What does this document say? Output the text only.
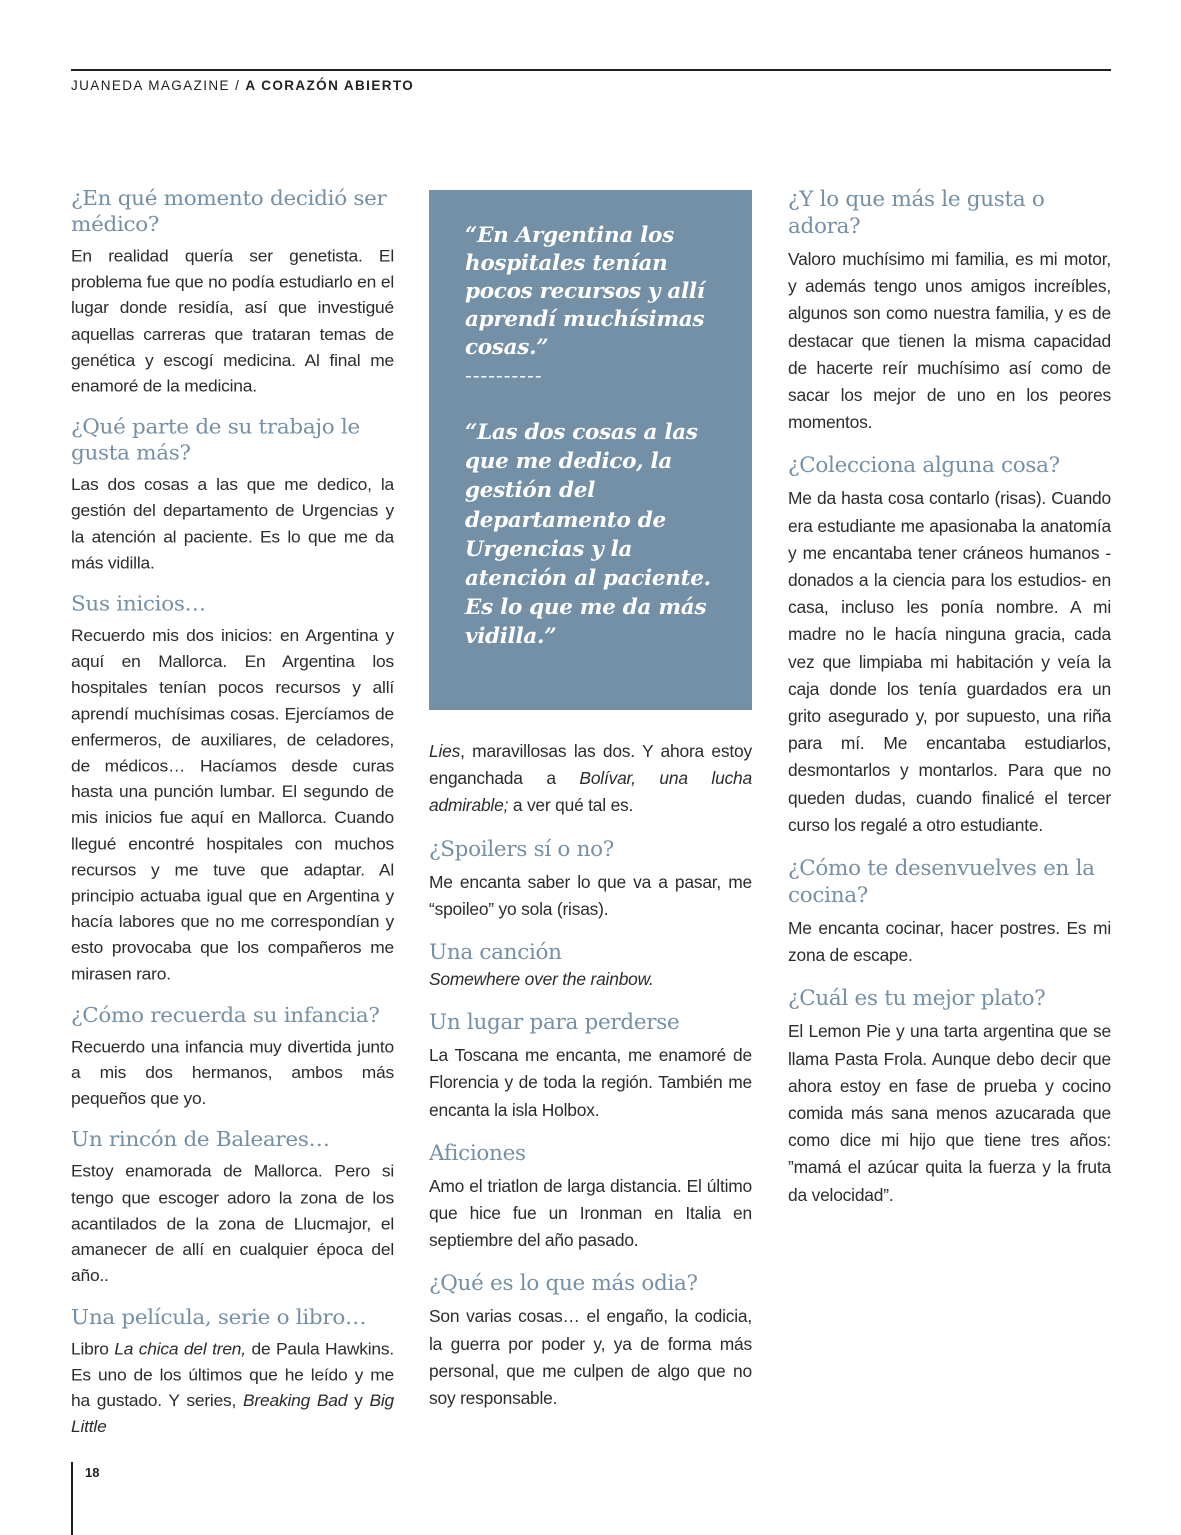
JUANEDA MAGAZINE / A CORAZÓN ABIERTO
¿En qué momento decidió ser médico?

En realidad quería ser genetista. El problema fue que no podía estudiarlo en el lugar donde residía, así que investigué aquellas carreras que trataran temas de genética y escogí medicina. Al final me enamoré de la medicina.

¿Qué parte de su trabajo le gusta más?

Las dos cosas a las que me dedico, la gestión del departamento de Urgencias y la atención al paciente. Es lo que me da más vidilla.

Sus inicios…

Recuerdo mis dos inicios: en Argentina y aquí en Mallorca. En Argentina los hospitales tenían pocos recursos y allí aprendí muchísimas cosas. Ejercíamos de enfermeros, de auxiliares, de celadores, de médicos… Hacíamos desde curas hasta una punción lumbar. El segundo de mis inicios fue aquí en Mallorca. Cuando llegué encontré hospitales con muchos recursos y me tuve que adaptar. Al principio actuaba igual que en Argentina y hacía labores que no me correspondían y esto provocaba que los compañeros me mirasen raro.

¿Cómo recuerda su infancia?

Recuerdo una infancia muy divertida junto a mis dos hermanos, ambos más pequeños que yo.

Un rincón de Baleares…

Estoy enamorada de Mallorca. Pero si tengo que escoger adoro la zona de los acantilados de la zona de Llucmajor, el amanecer de allí en cualquier época del año..

Una película, serie o libro…

Libro La chica del tren, de Paula Hawkins. Es uno de los últimos que he leído y me ha gustado. Y series, Breaking Bad y Big Little

“En Argentina los hospitales tenían pocos recursos y allí aprendí muchísimas cosas.”

----------

“Las dos cosas a las que me dedico, la gestión del departamento de Urgencias y la atención al paciente. Es lo que me da más vidilla.”

Lies, maravillosas las dos. Y ahora estoy enganchada a Bolívar, una lucha admirable; a ver qué tal es.

¿Spoilers sí o no?

Me encanta saber lo que va a pasar, me “spoileo” yo sola (risas).

Una canción

Somewhere over the rainbow.

Un lugar para perderse

La Toscana me encanta, me enamoré de Florencia y de toda la región. También me encanta la isla Holbox.

Aficiones

Amo el triatlon de larga distancia. El último que hice fue un Ironman en Italia en septiembre del año pasado.

¿Qué es lo que más odia?

Son varias cosas… el engaño, la codicia, la guerra por poder y, ya de forma más personal, que me culpen de algo que no soy responsable.

¿Y lo que más le gusta o adora?

Valoro muchísimo mi familia, es mi motor, y además tengo unos amigos increíbles, algunos son como nuestra familia, y es de destacar que tienen la misma capacidad de hacerte reír muchísimo así como de sacar los mejor de uno en los peores momentos.

¿Colecciona alguna cosa?

Me da hasta cosa contarlo (risas). Cuando era estudiante me apasionaba la anatomía y me encantaba tener cráneos humanos -donados a la ciencia para los estudios- en casa, incluso les ponía nombre. A mi madre no le hacía ninguna gracia, cada vez que limpiaba mi habitación y veía la caja donde los tenía guardados era un grito asegurado y, por supuesto, una riña para mí. Me encantaba estudiarlos, desmontarlos y montarlos. Para que no queden dudas, cuando finalicé el tercer curso los regalé a otro estudiante.

¿Cómo te desenvuelves en la cocina?

Me encanta cocinar, hacer postres. Es mi zona de escape.

¿Cuál es tu mejor plato?

El Lemon Pie y una tarta argentina que se llama Pasta Frola. Aunque debo decir que ahora estoy en fase de prueba y cocino comida más sana menos azucarada que como dice mi hijo que tiene tres años: ”mamá el azúcar quita la fuerza y la fruta da velocidad”.

18
